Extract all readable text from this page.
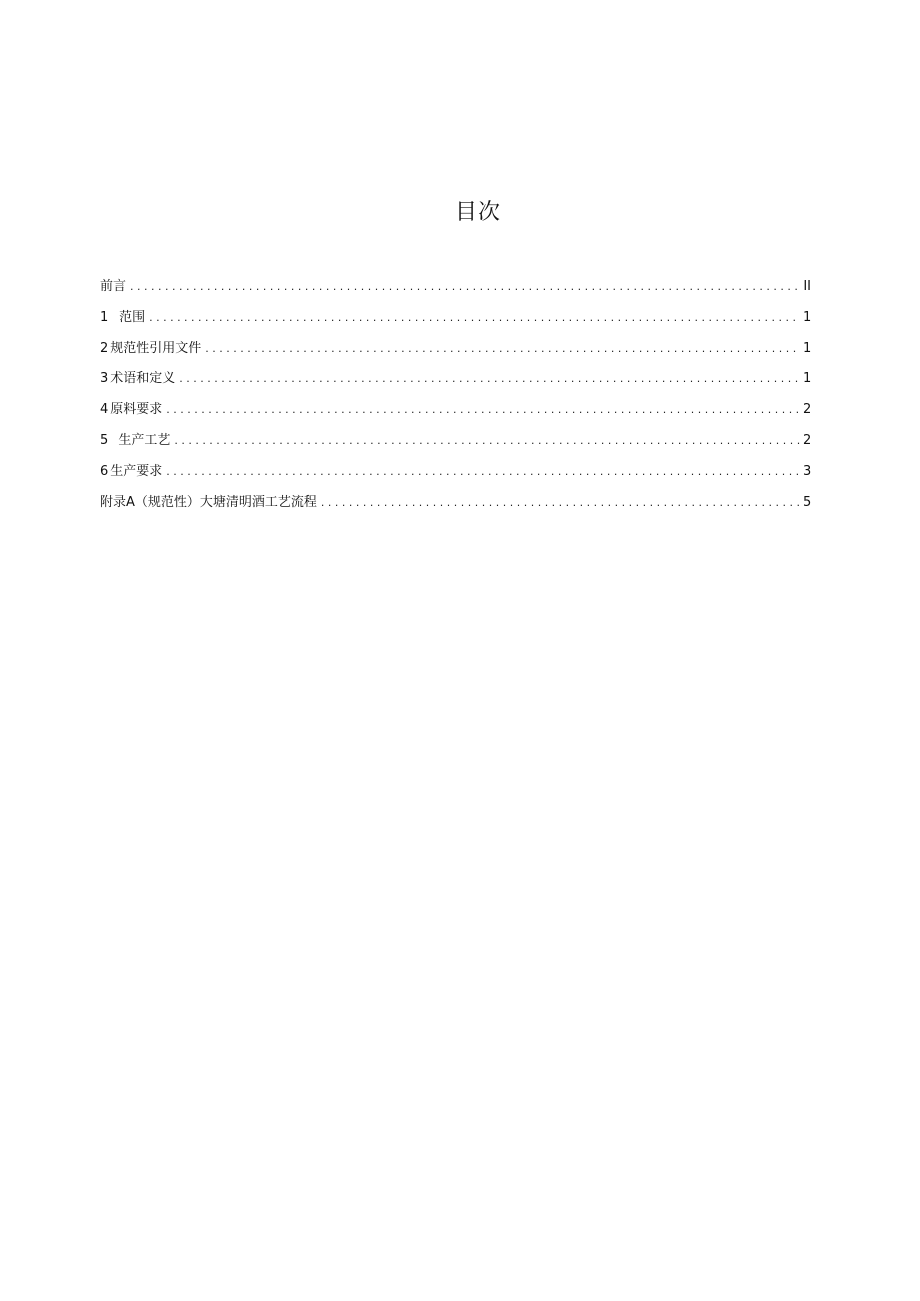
目次
前言 . . .	II
1 范围 . . .	1
2 规范性引用文件 . . .	1
3 术语和定义 . . .	1
4 原料要求 . . .	2
5 生产工艺 . . .	2
6 生产要求 . . .	3
附录A（规范性）大塘清明酒工艺流程 . . .	5
